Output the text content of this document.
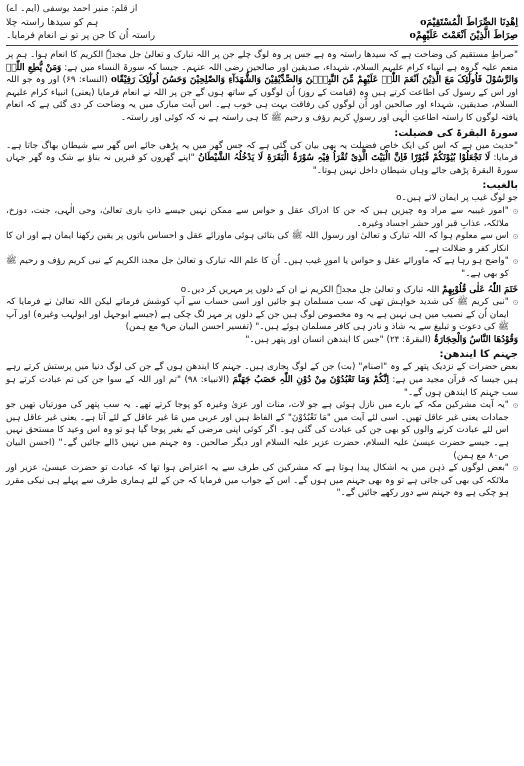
از قلم: منیر احمد یوسفی (ایم۔ اے)
اِھْدِنَا الصِّرَاطَ الْمُسْتَقِیْمَo
ہم کو سیدھا راستہ چلا
صِرَاطَ الَّذِیْنَ اَنْعَمْتَ عَلَیْھِمْo
راستہ اُن کا جن پر تو نے انعام فرمایا۔

"صراطِ مستقیم کی وضاحت ہے کہ سیدھا راستہ وہ ہے جس پر وہ لوگ چلے جن پر اللہ تبارک و تعالیٰ جل مجدہٗ الکریم کا انعام ہوا۔ ہم پر منعم علیہ گروہ ہے انبیاء کرام علیہم السلام، شہداء، صدیقین اور صالحین رضی اللہ عنہم۔ جیسا کہ سورۃ النساء میں ہے: وَمَنْ یُّطِعِ اللّٰہَ وَالرَّسُوْلَ فَاُولٰٓئِکَ مَعَ الَّذِیْنَ اَنْعَمَ اللّٰہُ عَلَیْھِمْ مِّنَ النَّبِیّٖنَ وَالصِّدِّیْقِیْنَ وَالشُّھَدَآءِ وَالصّٰلِحِیْنَ وَحَسُنَ اُولٰٓئِکَ رَفِیْقًاo (النساء: ۶۹) اور وہ جو اللہ اور اس کے رسول کی اطاعت کرتے ہیں وہ (قیامت کے روز) اُن لوگوں کے ساتھ ہوں گے جن پر اللہ نے انعام فرمایا (یعنی) انبیاء کرام علیہم السلام، صدیقین، شہداء اور صالحین اور اُن لوگوں کی رفاقت بہت ہی خوب ہے۔ اس آیت مبارک میں یہ وضاحت کر دی گئی ہے کہ انعام یافتہ لوگوں کا راستہ اطاعتِ الٰہی اور رسولِ کریم رؤف و رحیم ﷺ کا ہی راستہ ہے نہ کہ کوئی اور راستہ۔

سورۃ البقرۃ کی فضیلت:

"حدیث میں ہے کہ اس کی ایک خاص فضیلت یہ بھی بیان کی گئی ہے کہ جس گھر میں یہ پڑھی جائے اس گھر سے شیطان بھاگ جاتا ہے۔ فرمایا: لَا تَجْعَلُوْا بُیُوْتَکُمْ قُبُوْرًا فَاِنَّ الْبَیْتَ الَّذِیْ تُقْرَاُ فِیْہِ سُوْرَۃُ الْبَقَرَۃِ لَا یَدْخُلُہُ الشَّیْطَانُ "اپنے گھروں کو قبریں نہ بناؤ بے شک وہ گھر جہاں سورۃ البقرۃ پڑھی جائے وہاں شیطان داخل نہیں ہوتا۔"

بالغیب:

جو لوگ غیب پر ایمان لاتے ہیں۔o

۞
"امور غیبیہ سے مراد وہ چیزیں ہیں کہ جن کا ادراک عقل و حواس سے ممکن نہیں جیسے ذاتِ باری تعالیٰ، وحی الٰہی، جنت، دوزخ، ملائکہ، عذابِ قبر اور حشر اجساد وغیرہ۔
۞
اس سے معلوم ہوا کہ اللہ تبارک و تعالیٰ اور رسول اللہ ﷺ کی بتائی ہوئی ماورائے عقل و احساس باتوں پر یقین رکھنا ایمان ہے اور ان کا انکار کفر و ضلالت ہے۔
۞
"واضح ہو رہا ہے کہ ماورائے عقل و حواس یا امورِ غیب ہیں۔ اُن کا علم اللہ تبارک و تعالیٰ جل مجدہٗ الکریم کے نبی کریم رؤف و رحیم ﷺ کو بھی ہے۔"

خَتَمَ اللّٰہُ عَلٰی قُلُوْبِھِمْ اللہ تبارک و تعالیٰ جل مجدہٗ الکریم نے ان کے دلوں پر مہریں کر دیں۔o

۞
"نبی کریم ﷺ کی شدید خواہش تھی کہ سب مسلمان ہو جائیں اور اسی حساب سے آپ کوشش فرماتے لیکن اللہ تعالیٰ نے فرمایا کہ ایمان اُن کے نصیب میں ہی نہیں ہے یہ وہ مخصوص لوگ ہیں جن کے دلوں پر مہر لگ چکی ہے (جیسے ابوجہل اور ابولہب وغیرہ) اور آپ ﷺ کی دعوت و تبلیغ سے یہ شاذ و نادر ہی کافر مسلمان ہوئے ہیں۔" (تفسیر احسن البیان ص۹ مع ہمن)

وَقُوْدُھَا النَّاسُ وَالْحِجَارَۃُ (البقرۃ: ۲۴) "جس کا ایندھن انسان اور پتھر ہیں۔"

جہنم کا ایندھن:

بعض حضرات کے نزدیک پتھر کے وہ "اصنام" (بت) جن کے لوگ پجاری ہیں۔ جہنم کا ایندھن ہوں گے جن کی لوگ دنیا میں پرستش کرتے رہے ہیں جیسا کہ قرآن مجید میں ہے: اِنَّکُمْ وَمَا تَعْبُدُوْنَ مِنْ دُوْنِ اللّٰہِ حَصَبُ جَھَنَّمَ (الانبیاء: ۹۸) "تم اور اللہ کے سوا جن کی تم عبادت کرتے ہو سب جہنم کا ایندھن ہوں گے۔"

۞
"یہ آیت مشرکین مکہ کے بارے میں نازل ہوئی ہے جو لات، منات اور عزیٰ وغیرہ کو پوجا کرتے تھے۔ یہ سب پتھر کی مورتیاں تھیں جو جمادات یعنی غیر عاقل تھیں۔ اسی لئے آیت میں "مَا تَعْبُدُوْنَ" کے الفاظ ہیں اور عربی میں مَا غیر عاقل کے لئے آتا ہے۔ یعنی غیر عاقل ہیں اس لئے عبادت کرنے والوں کو بھی جن کی عبادت کی گئی ہو۔ اگر کوئی اپنی مرضی کے بغیر پوجا گیا ہو تو وہ اس وعید کا مستحق نہیں ہے۔ جیسے حضرت عیسیٰ علیہ السلام، حضرت عزیر علیہ السلام اور دیگر صالحین۔ وہ جہنم میں نہیں ڈالے جائیں گے۔" (احسن البیان ص۸۰ مع ہمن)
۞
"بعض لوگوں کے ذہن میں یہ اشکال پیدا ہوتا ہے کہ مشرکین کی طرف سے یہ اعتراض ہوا تھا کہ عبادت تو حضرت عیسیٰ، عزیر اور ملائکہ کی بھی کی جاتی ہے تو وہ بھی جہنم میں ہوں گے۔ اس کے جواب میں فرمایا کہ جن کے لئے ہماری طرف سے پہلے ہی نیکی مقرر ہو چکی ہے وہ جہنم سے دور رکھے جائیں گے۔"
